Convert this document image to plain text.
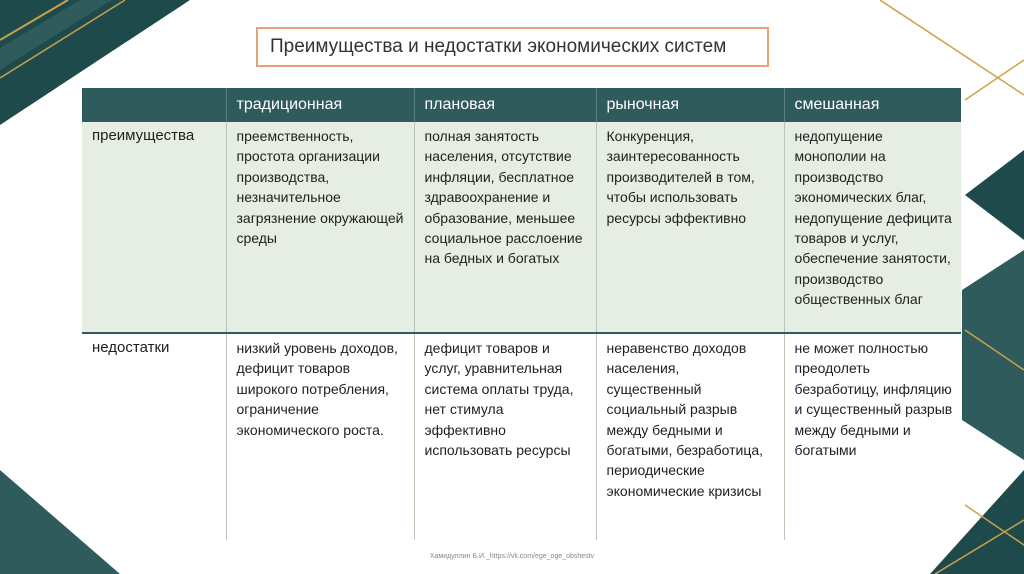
Преимущества и недостатки экономических систем
	традиционная	плановая	рыночная	смешанная
преимущества	преемственность, простота организации производства, незначительное загрязнение окружающей среды	полная занятость населения, отсутствие инфляции, бесплатное здравоохранение и образование, меньшее социальное расслоение на бедных и богатых	Конкуренция, заинтересованность производителей в том, чтобы использовать ресурсы эффективно	недопущение монополии на производство экономических благ, недопущение дефицита товаров и услуг, обеспечение занятости, производство общественных благ
недостатки	низкий уровень доходов, дефицит товаров широкого потребления, ограничение экономического роста.	дефицит товаров и услуг, уравнительная система оплаты труда, нет стимула эффективно использовать ресурсы	неравенство доходов населения, существенный социальный разрыв между бедными и богатыми, безработица, периодические экономические кризисы	не может полностью преодолеть безработицу, инфляцию и существенный разрыв между бедными и богатыми
Хамидуллин Б.И._https://vk.com/ege_oge_obshestv
